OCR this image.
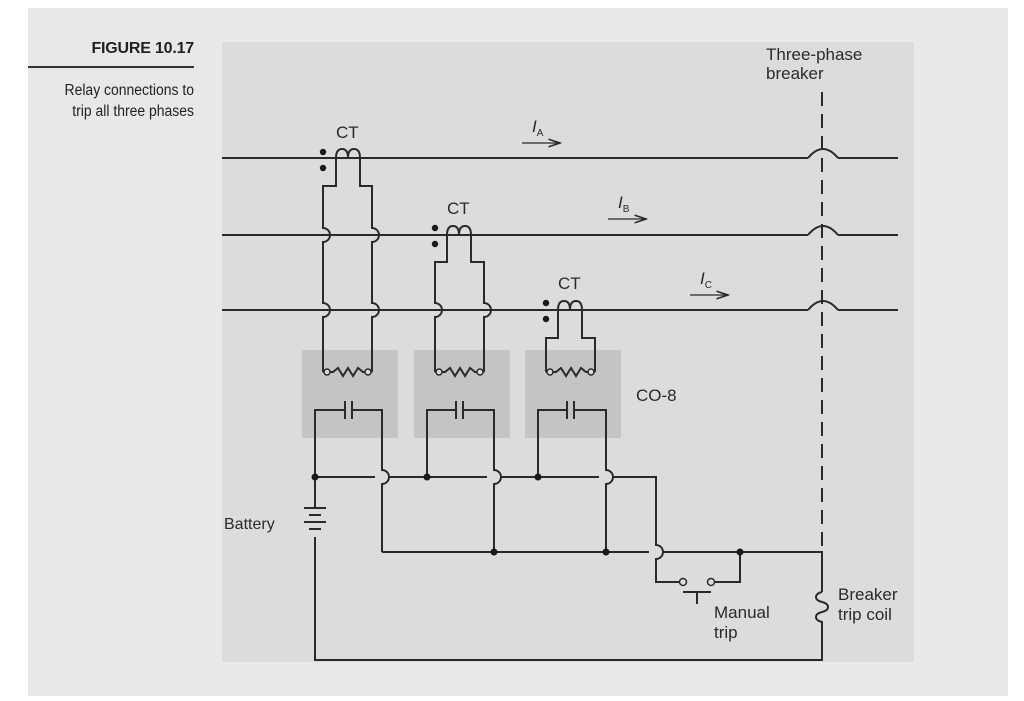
FIGURE 10.17
Relay connections to trip all three phases
Three-phase
breaker
CT
CT
CT
$I_A$
$I_B$
$I_C$
CO-8
Battery
Manual
trip
Breaker
trip coil
